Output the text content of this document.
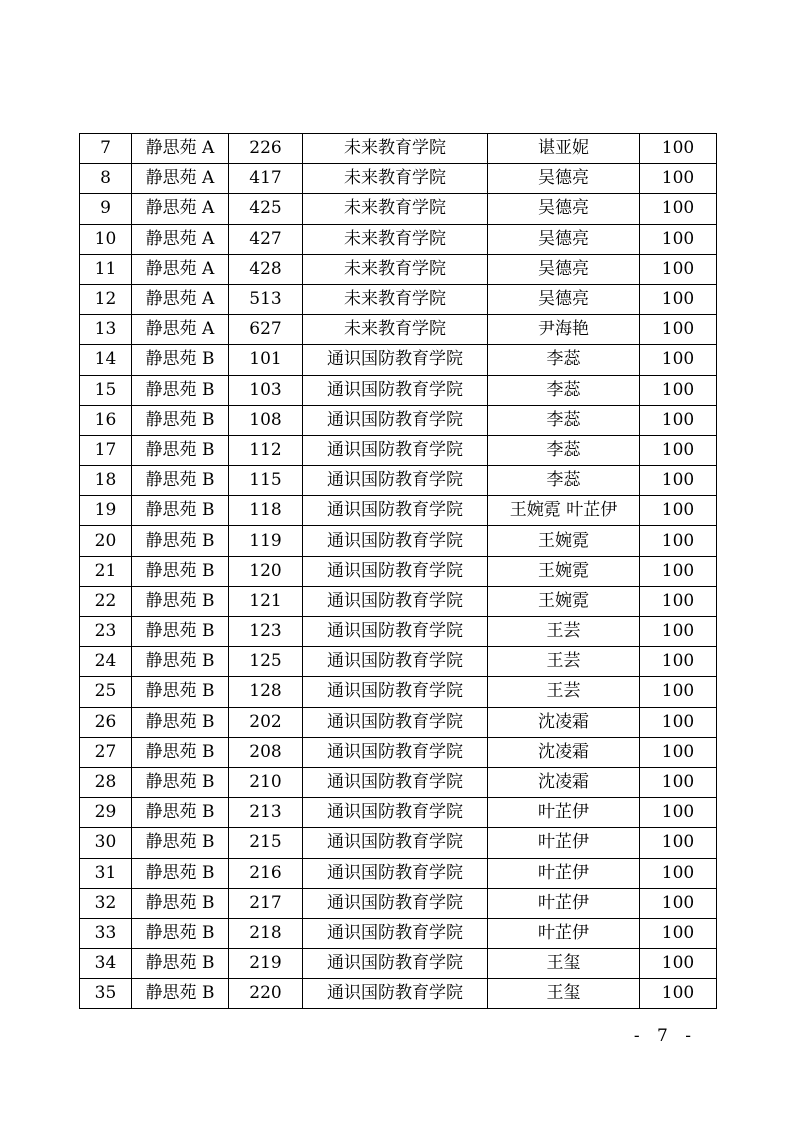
7	静思苑 A	226	未来教育学院	谌亚妮	100
8	静思苑 A	417	未来教育学院	吴德亮	100
9	静思苑 A	425	未来教育学院	吴德亮	100
10	静思苑 A	427	未来教育学院	吴德亮	100
11	静思苑 A	428	未来教育学院	吴德亮	100
12	静思苑 A	513	未来教育学院	吴德亮	100
13	静思苑 A	627	未来教育学院	尹海艳	100
14	静思苑 B	101	通识国防教育学院	李蕊	100
15	静思苑 B	103	通识国防教育学院	李蕊	100
16	静思苑 B	108	通识国防教育学院	李蕊	100
17	静思苑 B	112	通识国防教育学院	李蕊	100
18	静思苑 B	115	通识国防教育学院	李蕊	100
19	静思苑 B	118	通识国防教育学院	王婉霓 叶芷伊	100
20	静思苑 B	119	通识国防教育学院	王婉霓	100
21	静思苑 B	120	通识国防教育学院	王婉霓	100
22	静思苑 B	121	通识国防教育学院	王婉霓	100
23	静思苑 B	123	通识国防教育学院	王芸	100
24	静思苑 B	125	通识国防教育学院	王芸	100
25	静思苑 B	128	通识国防教育学院	王芸	100
26	静思苑 B	202	通识国防教育学院	沈凌霜	100
27	静思苑 B	208	通识国防教育学院	沈凌霜	100
28	静思苑 B	210	通识国防教育学院	沈凌霜	100
29	静思苑 B	213	通识国防教育学院	叶芷伊	100
30	静思苑 B	215	通识国防教育学院	叶芷伊	100
31	静思苑 B	216	通识国防教育学院	叶芷伊	100
32	静思苑 B	217	通识国防教育学院	叶芷伊	100
33	静思苑 B	218	通识国防教育学院	叶芷伊	100
34	静思苑 B	219	通识国防教育学院	王玺	100
35	静思苑 B	220	通识国防教育学院	王玺	100
- 7 -
